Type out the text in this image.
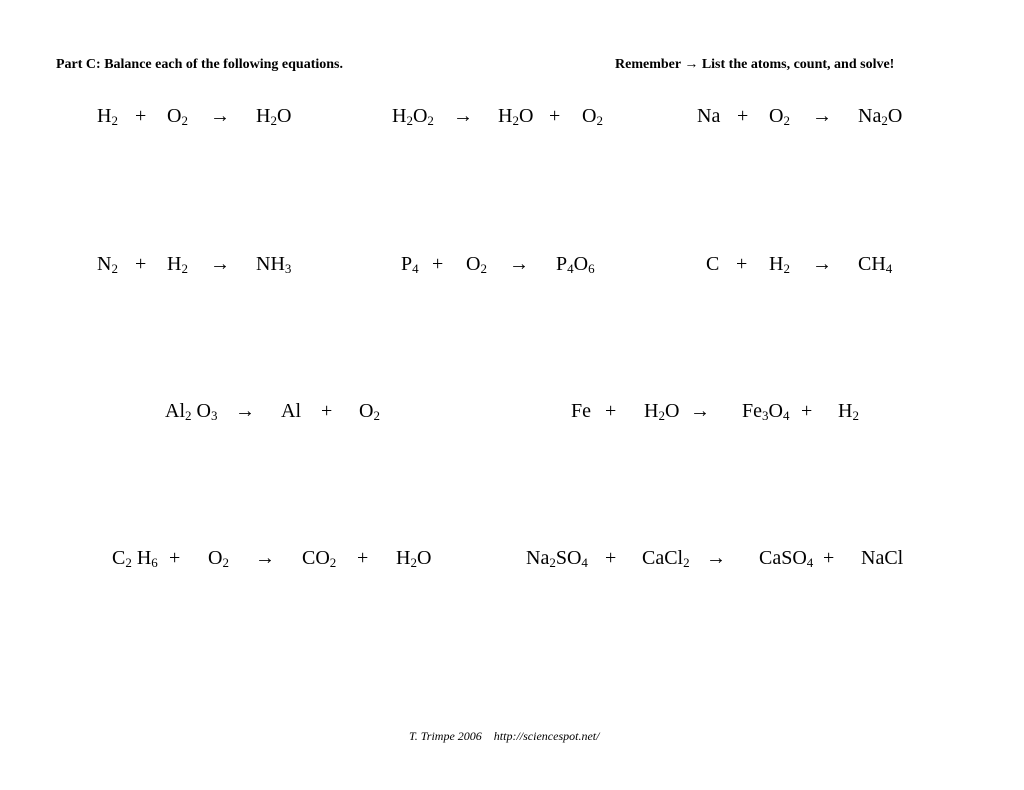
Part C: Balance each of the following equations.	Remember → List the atoms, count, and solve!
$H_2 + O_2 \to H_2O$	$H_2O_2 \to H_2O + O_2$	$Na + O_2 \to Na_2O$
$N_2 + H_2 \to NH_3$	$P_4 + O_2 \to P_4O_6$	$C + H_2 \to CH_4$
$Al_2$ $O_3 \to Al + O_2$	$Fe + H_2O \to Fe_3O_4 + H_2$
$C_2$ $H_6 + O_2 \to CO_2 + H_2O$	$Na_2SO_4$ + CaCl$_2$ → CaSO$_4$ + NaCl
T. Trimpe 2006 http://sciencespot.net/
